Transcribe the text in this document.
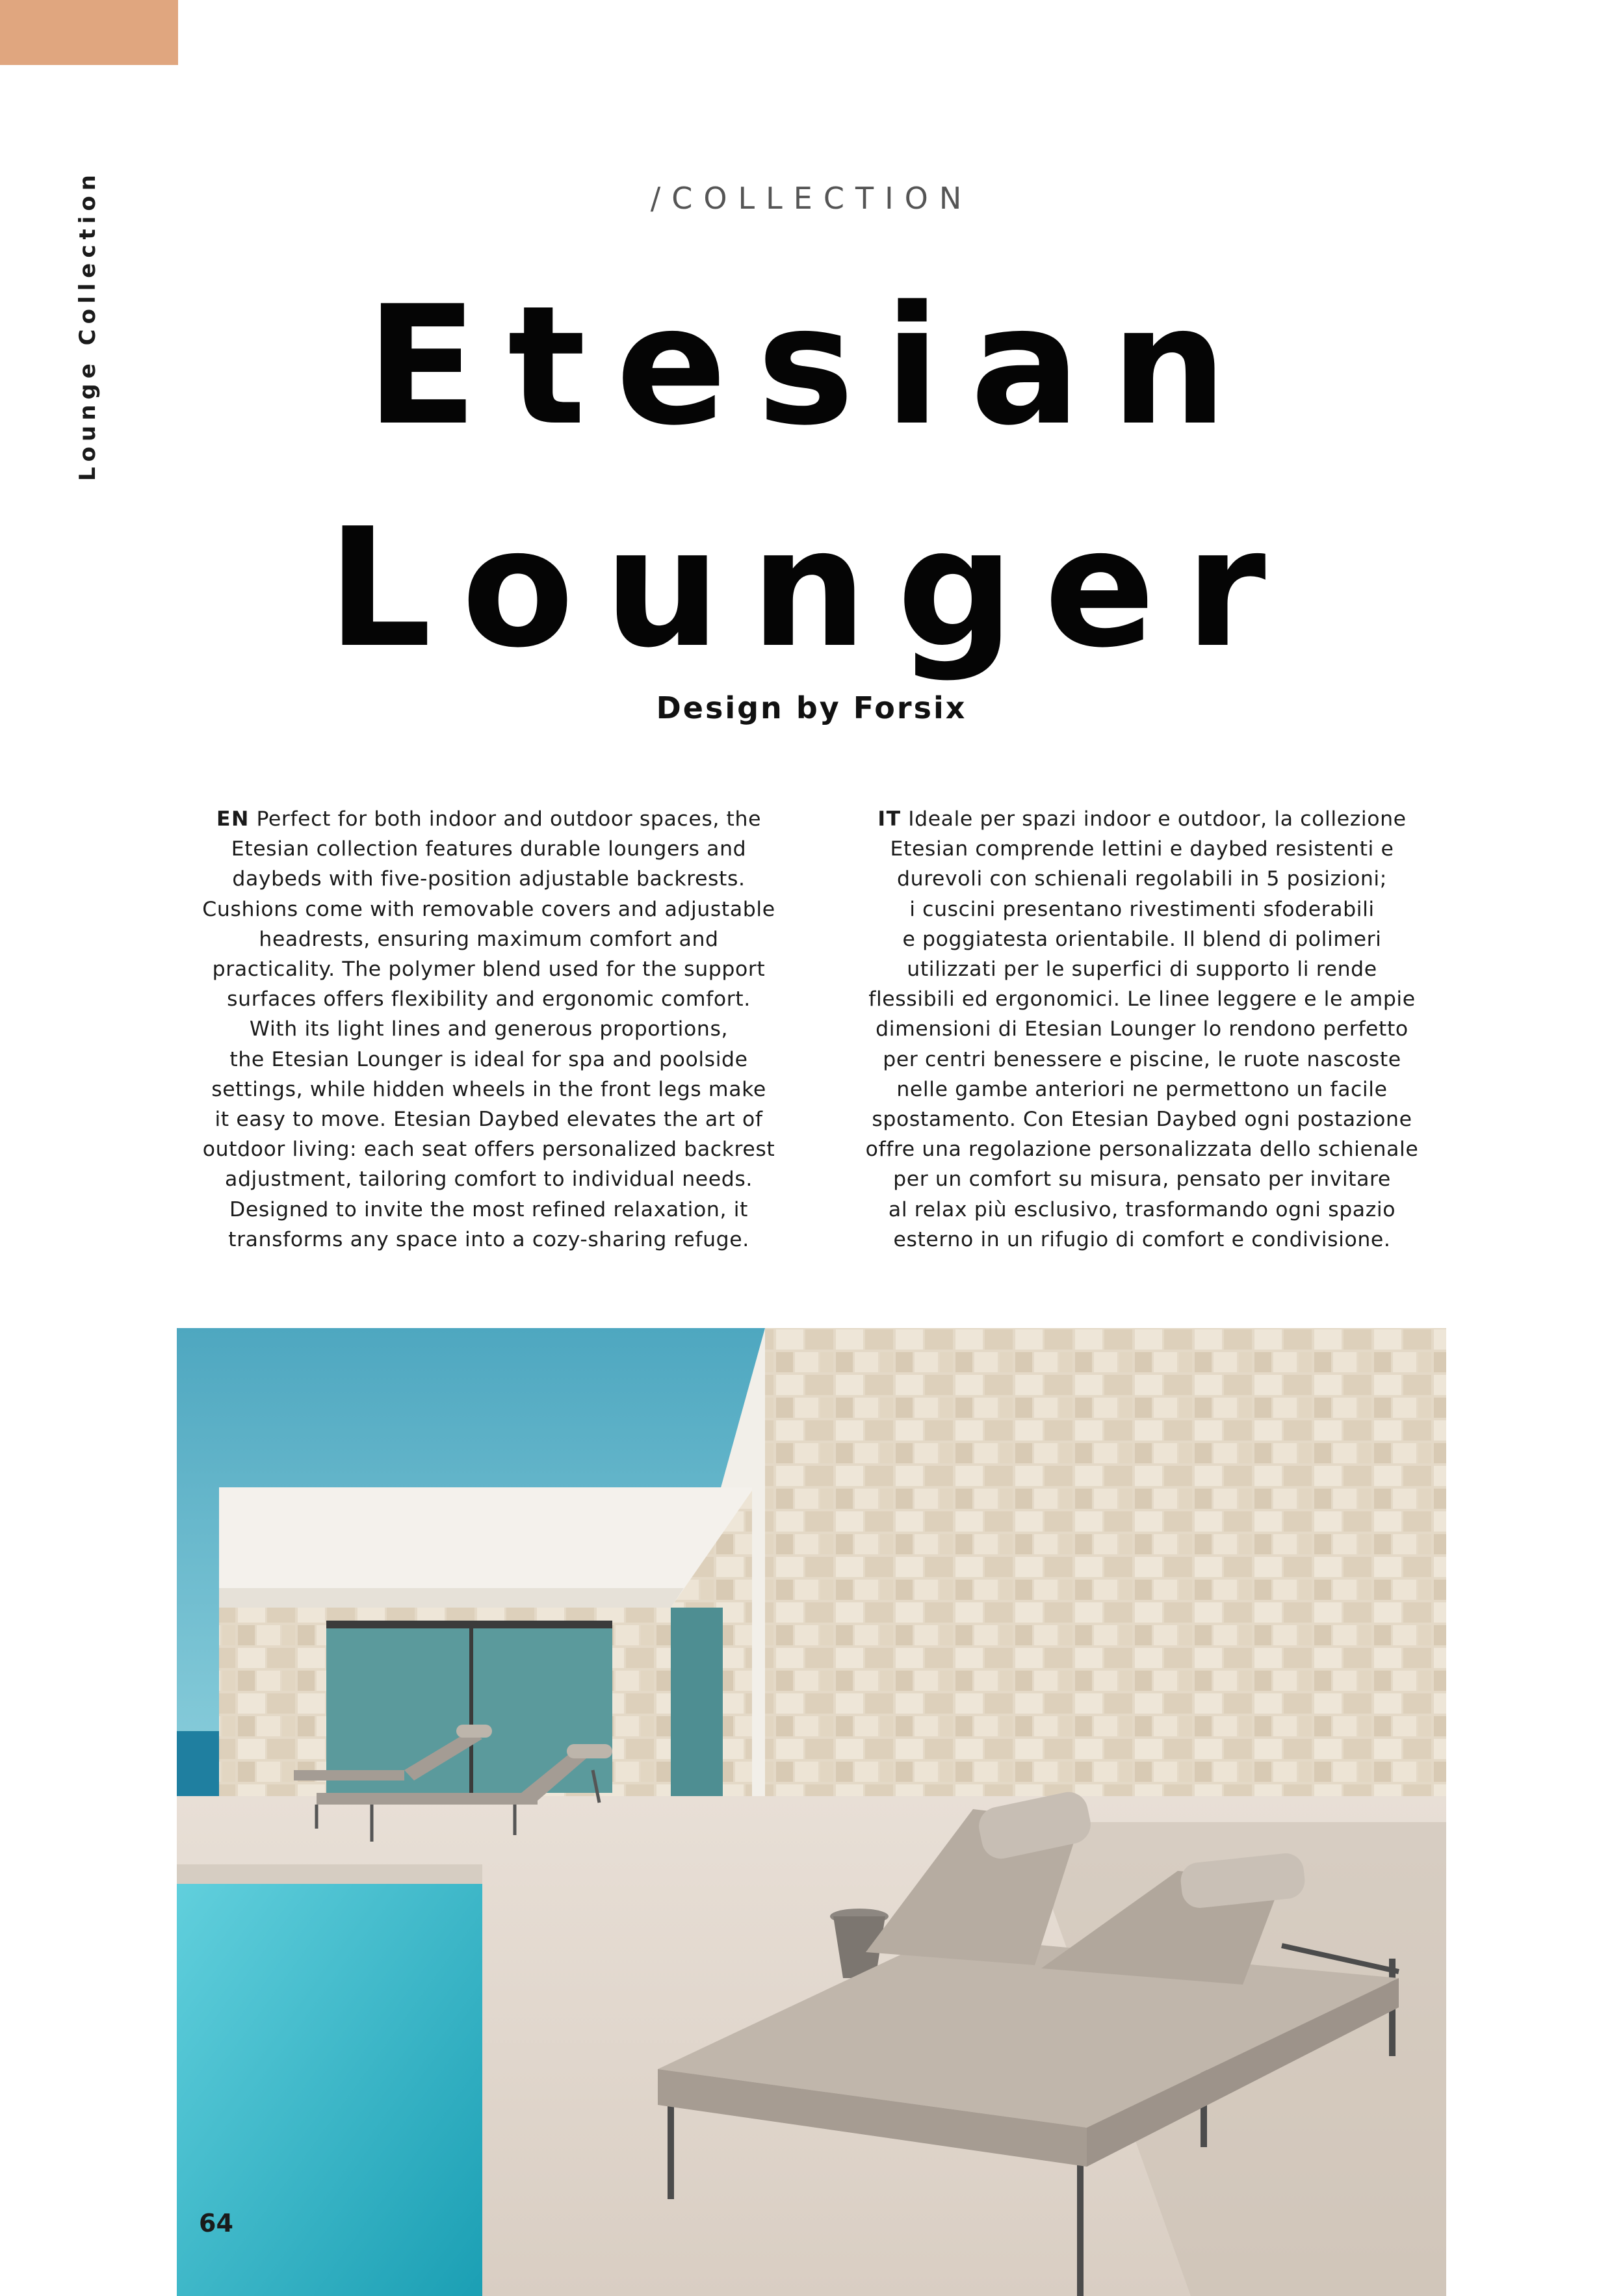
Lounge Collection	/COLLECTION
Etesian
Lounger
Design by Forsix
EN Perfect for both indoor and outdoor spaces, the
Etesian collection features durable loungers and
daybeds with five-position adjustable backrests.
Cushions come with removable covers and adjustable
headrests, ensuring maximum comfort and
practicality. The polymer blend used for the support
surfaces offers flexibility and ergonomic comfort.
With its light lines and generous proportions,
the Etesian Lounger is ideal for spa and poolside
settings, while hidden wheels in the front legs make
it easy to move. Etesian Daybed elevates the art of
outdoor living: each seat offers personalized backrest
adjustment, tailoring comfort to individual needs.
Designed to invite the most refined relaxation, it
transforms any space into a cozy-sharing refuge.
IT Ideale per spazi indoor e outdoor, la collezione
Etesian comprende lettini e daybed resistenti e
durevoli con schienali regolabili in 5 posizioni;
i cuscini presentano rivestimenti sfoderabili
e poggiatesta orientabile. Il blend di polimeri
utilizzati per le superfici di supporto li rende
flessibili ed ergonomici. Le linee leggere e le ampie
dimensioni di Etesian Lounger lo rendono perfetto
per centri benessere e piscine, le ruote nascoste
nelle gambe anteriori ne permettono un facile
spostamento. Con Etesian Daybed ogni postazione
offre una regolazione personalizzata dello schienale
per un comfort su misura, pensato per invitare
al relax più esclusivo, trasformando ogni spazio
esterno in un rifugio di comfort e condivisione.
64
